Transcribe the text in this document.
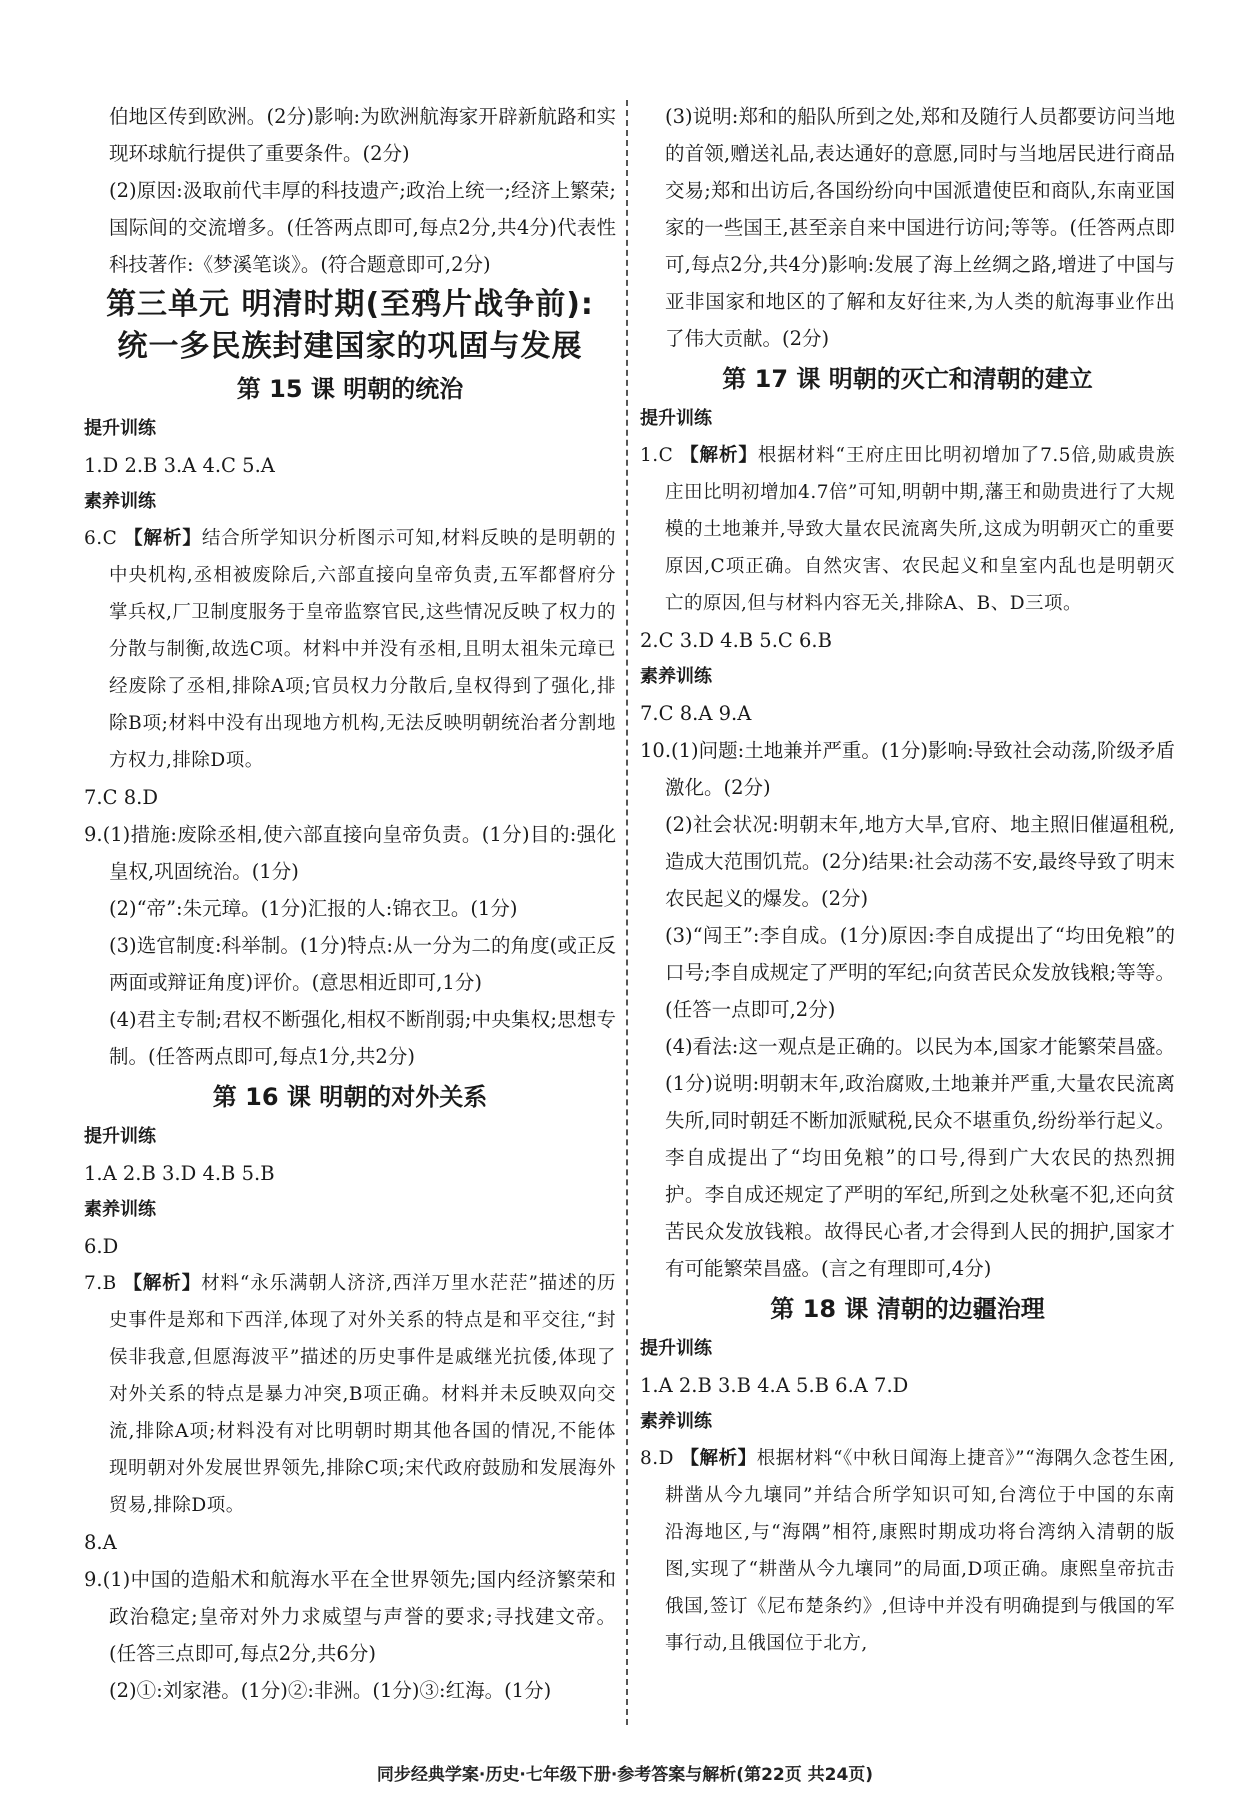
伯地区传到欧洲。(2分)影响:为欧洲航海家开辟新航路和实现环球航行提供了重要条件。(2分)

(2)原因:汲取前代丰厚的科技遗产;政治上统一;经济上繁荣;国际间的交流增多。(任答两点即可,每点2分,共4分)代表性科技著作:《梦溪笔谈》。(符合题意即可,2分)

第三单元 明清时期(至鸦片战争前):
统一多民族封建国家的巩固与发展
第 15 课 明朝的统治

提升训练

1.D 2.B 3.A 4.C 5.A

素养训练

6.C 【解析】结合所学知识分析图示可知,材料反映的是明朝的中央机构,丞相被废除后,六部直接向皇帝负责,五军都督府分掌兵权,厂卫制度服务于皇帝监察官民,这些情况反映了权力的分散与制衡,故选C项。材料中并没有丞相,且明太祖朱元璋已经废除了丞相,排除A项;官员权力分散后,皇权得到了强化,排除B项;材料中没有出现地方机构,无法反映明朝统治者分割地方权力,排除D项。

7.C 8.D

9.(1)措施:废除丞相,使六部直接向皇帝负责。(1分)目的:强化皇权,巩固统治。(1分)

(2)“帝”:朱元璋。(1分)汇报的人:锦衣卫。(1分)

(3)选官制度:科举制。(1分)特点:从一分为二的角度(或正反两面或辩证角度)评价。(意思相近即可,1分)

(4)君主专制;君权不断强化,相权不断削弱;中央集权;思想专制。(任答两点即可,每点1分,共2分)

第 16 课 明朝的对外关系

提升训练

1.A 2.B 3.D 4.B 5.B

素养训练

6.D

7.B 【解析】材料“永乐满朝人济济,西洋万里水茫茫”描述的历史事件是郑和下西洋,体现了对外关系的特点是和平交往,“封侯非我意,但愿海波平”描述的历史事件是戚继光抗倭,体现了对外关系的特点是暴力冲突,B项正确。材料并未反映双向交流,排除A项;材料没有对比明朝时期其他各国的情况,不能体现明朝对外发展世界领先,排除C项;宋代政府鼓励和发展海外贸易,排除D项。

8.A

9.(1)中国的造船术和航海水平在全世界领先;国内经济繁荣和政治稳定;皇帝对外力求威望与声誉的要求;寻找建文帝。(任答三点即可,每点2分,共6分)

(2)①:刘家港。(1分)②:非洲。(1分)③:红海。(1分)

(3)说明:郑和的船队所到之处,郑和及随行人员都要访问当地的首领,赠送礼品,表达通好的意愿,同时与当地居民进行商品交易;郑和出访后,各国纷纷向中国派遣使臣和商队,东南亚国家的一些国王,甚至亲自来中国进行访问;等等。(任答两点即可,每点2分,共4分)影响:发展了海上丝绸之路,增进了中国与亚非国家和地区的了解和友好往来,为人类的航海事业作出了伟大贡献。(2分)

第 17 课 明朝的灭亡和清朝的建立

提升训练

1.C 【解析】根据材料“王府庄田比明初增加了7.5倍,勋戚贵族庄田比明初增加4.7倍”可知,明朝中期,藩王和勋贵进行了大规模的土地兼并,导致大量农民流离失所,这成为明朝灭亡的重要原因,C项正确。自然灾害、农民起义和皇室内乱也是明朝灭亡的原因,但与材料内容无关,排除A、B、D三项。

2.C 3.D 4.B 5.C 6.B

素养训练

7.C 8.A 9.A

10.(1)问题:土地兼并严重。(1分)影响:导致社会动荡,阶级矛盾激化。(2分)

(2)社会状况:明朝末年,地方大旱,官府、地主照旧催逼租税,造成大范围饥荒。(2分)结果:社会动荡不安,最终导致了明末农民起义的爆发。(2分)

(3)“闯王”:李自成。(1分)原因:李自成提出了“均田免粮”的口号;李自成规定了严明的军纪;向贫苦民众发放钱粮;等等。(任答一点即可,2分)

(4)看法:这一观点是正确的。以民为本,国家才能繁荣昌盛。(1分)说明:明朝末年,政治腐败,土地兼并严重,大量农民流离失所,同时朝廷不断加派赋税,民众不堪重负,纷纷举行起义。李自成提出了“均田免粮”的口号,得到广大农民的热烈拥护。李自成还规定了严明的军纪,所到之处秋毫不犯,还向贫苦民众发放钱粮。故得民心者,才会得到人民的拥护,国家才有可能繁荣昌盛。(言之有理即可,4分)

第 18 课 清朝的边疆治理

提升训练

1.A 2.B 3.B 4.A 5.B 6.A 7.D

素养训练

8.D 【解析】根据材料“《中秋日闻海上捷音》”“海隅久念苍生困,耕凿从今九壤同”并结合所学知识可知,台湾位于中国的东南沿海地区,与“海隅”相符,康熙时期成功将台湾纳入清朝的版图,实现了“耕凿从今九壤同”的局面,D项正确。康熙皇帝抗击俄国,签订《尼布楚条约》,但诗中并没有明确提到与俄国的军事行动,且俄国位于北方,

同步经典学案·历史·七年级下册·参考答案与解析(第22页 共24页)
